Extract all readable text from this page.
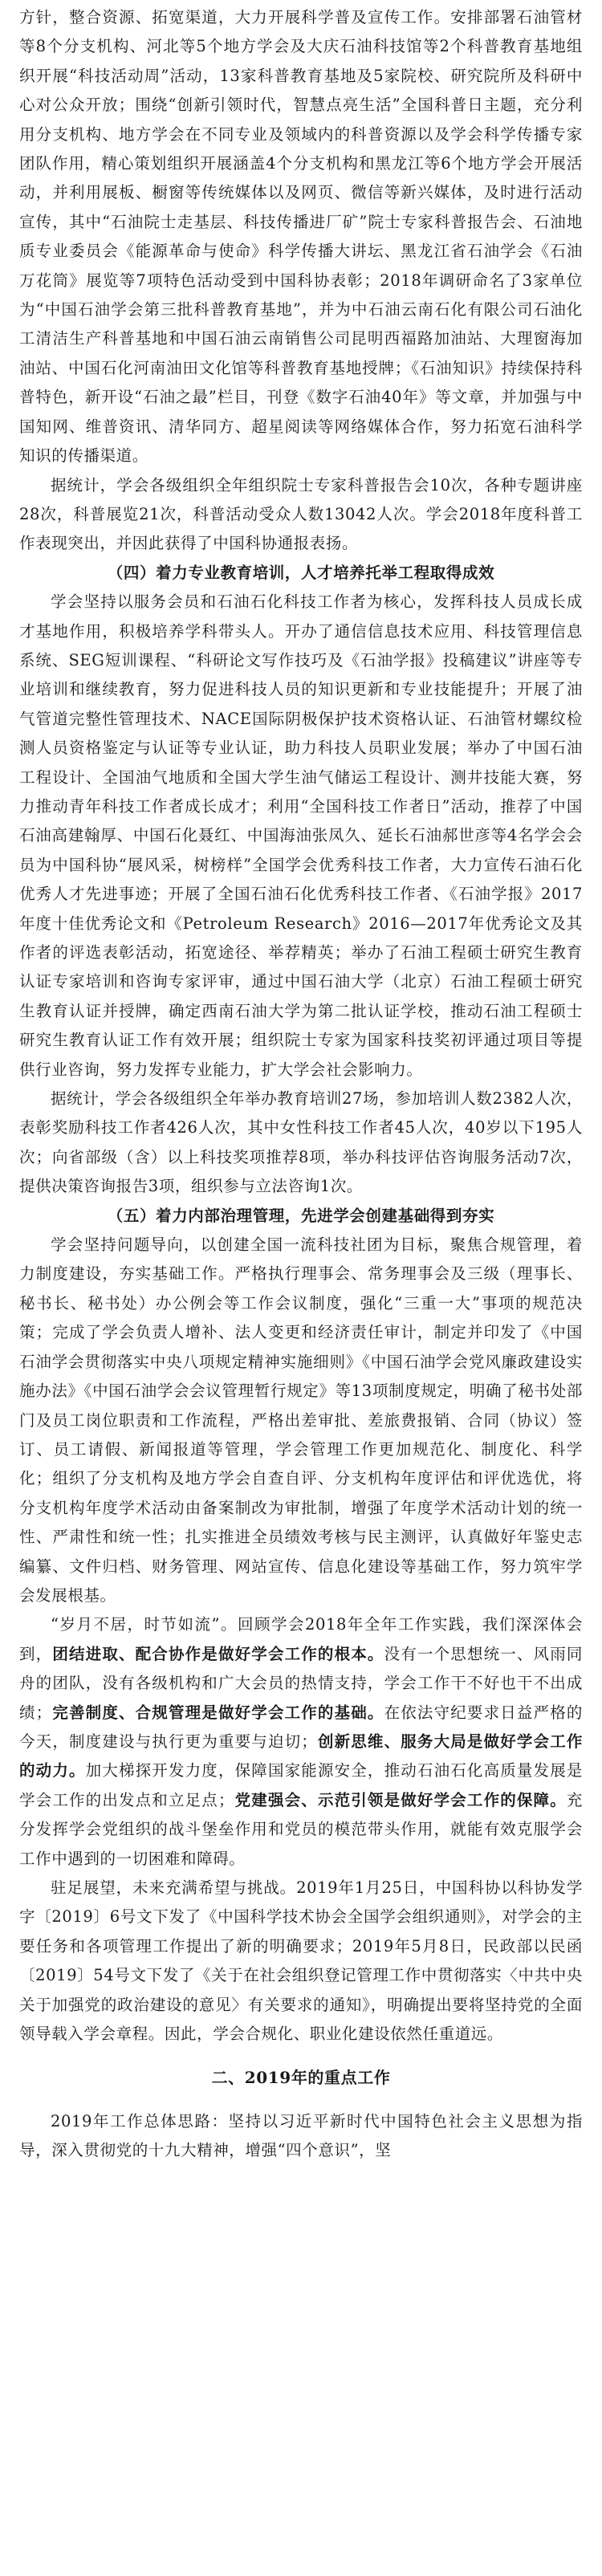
方针，整合资源、拓宽渠道，大力开展科学普及宣传工作。安排部署石油管材等8个分支机构、河北等5个地方学会及大庆石油科技馆等2个科普教育基地组织开展“科技活动周”活动，13家科普教育基地及5家院校、研究院所及科研中心对公众开放；围绕“创新引领时代，智慧点亮生活”全国科普日主题，充分利用分支机构、地方学会在不同专业及领域内的科普资源以及学会科学传播专家团队作用，精心策划组织开展涵盖4个分支机构和黑龙江等6个地方学会开展活动，并利用展板、橱窗等传统媒体以及网页、微信等新兴媒体，及时进行活动宣传，其中“石油院士走基层、科技传播进厂矿”院士专家科普报告会、石油地质专业委员会《能源革命与使命》科学传播大讲坛、黑龙江省石油学会《石油万花筒》展览等7项特色活动受到中国科协表彰；2018年调研命名了3家单位为“中国石油学会第三批科普教育基地”，并为中石油云南石化有限公司石油化工清洁生产科普基地和中国石油云南销售公司昆明西福路加油站、大理窗海加油站、中国石化河南油田文化馆等科普教育基地授牌；《石油知识》持续保持科普特色，新开设“石油之最”栏目，刊登《数字石油40年》等文章，并加强与中国知网、维普资讯、清华同方、超星阅读等网络媒体合作，努力拓宽石油科学知识的传播渠道。

据统计，学会各级组织全年组织院士专家科普报告会10次，各种专题讲座28次，科普展览21次，科普活动受众人数13042人次。学会2018年度科普工作表现突出，并因此获得了中国科协通报表扬。

（四）着力专业教育培训，人才培养托举工程取得成效

学会坚持以服务会员和石油石化科技工作者为核心，发挥科技人员成长成才基地作用，积极培养学科带头人。开办了通信信息技术应用、科技管理信息系统、SEG短训课程、“科研论文写作技巧及《石油学报》投稿建议”讲座等专业培训和继续教育，努力促进科技人员的知识更新和专业技能提升；开展了油气管道完整性管理技术、NACE国际阴极保护技术资格认证、石油管材螺纹检测人员资格鉴定与认证等专业认证，助力科技人员职业发展；举办了中国石油工程设计、全国油气地质和全国大学生油气储运工程设计、测井技能大赛，努力推动青年科技工作者成长成才；利用“全国科技工作者日”活动，推荐了中国石油高建翰厚、中国石化聂红、中国海油张凤久、延长石油郝世彦等4名学会会员为中国科协“展风采，树榜样”全国学会优秀科技工作者，大力宣传石油石化优秀人才先进事迹；开展了全国石油石化优秀科技工作者、《石油学报》2017年度十佳优秀论文和《Petroleum Research》2016—2017年优秀论文及其作者的评选表彰活动，拓宽途径、举荐精英；举办了石油工程硕士研究生教育认证专家培训和咨询专家评审，通过中国石油大学（北京）石油工程硕士研究生教育认证并授牌，确定西南石油大学为第二批认证学校，推动石油工程硕士研究生教育认证工作有效开展；组织院士专家为国家科技奖初评通过项目等提供行业咨询，努力发挥专业能力，扩大学会社会影响力。

据统计，学会各级组织全年举办教育培训27场，参加培训人数2382人次，表彰奖励科技工作者426人次，其中女性科技工作者45人次，40岁以下195人次；向省部级（含）以上科技奖项推荐8项，举办科技评估咨询服务活动7次，提供决策咨询报告3项，组织参与立法咨询1次。

（五）着力内部治理管理，先进学会创建基础得到夯实

学会坚持问题导向，以创建全国一流科技社团为目标，聚焦合规管理，着力制度建设，夯实基础工作。严格执行理事会、常务理事会及三级（理事长、秘书长、秘书处）办公例会等工作会议制度，强化“三重一大”事项的规范决策；完成了学会负责人增补、法人变更和经济责任审计，制定并印发了《中国石油学会贯彻落实中央八项规定精神实施细则》《中国石油学会党风廉政建设实施办法》《中国石油学会会议管理暂行规定》等13项制度规定，明确了秘书处部门及员工岗位职责和工作流程，严格出差审批、差旅费报销、合同（协议）签订、员工请假、新闻报道等管理，学会管理工作更加规范化、制度化、科学化；组织了分支机构及地方学会自查自评、分支机构年度评估和评优选优，将分支机构年度学术活动由备案制改为审批制，增强了年度学术活动计划的统一性、严肃性和统一性；扎实推进全员绩效考核与民主测评，认真做好年鉴史志编纂、文件归档、财务管理、网站宣传、信息化建设等基础工作，努力筑牢学会发展根基。

“岁月不居，时节如流”。回顾学会2018年全年工作实践，我们深深体会到，团结进取、配合协作是做好学会工作的根本。没有一个思想统一、风雨同舟的团队，没有各级机构和广大会员的热情支持，学会工作干不好也干不出成绩；完善制度、合规管理是做好学会工作的基础。在依法守纪要求日益严格的今天，制度建设与执行更为重要与迫切；创新思维、服务大局是做好学会工作的动力。加大梯探开发力度，保障国家能源安全，推动石油石化高质量发展是学会工作的出发点和立足点；党建强会、示范引领是做好学会工作的保障。充分发挥学会党组织的战斗堡垒作用和党员的模范带头作用，就能有效克服学会工作中遇到的一切困难和障碍。

驻足展望，未来充满希望与挑战。2019年1月25日，中国科协以科协发学字〔2019〕6号文下发了《中国科学技术协会全国学会组织通则》，对学会的主要任务和各项管理工作提出了新的明确要求；2019年5月8日，民政部以民函〔2019〕54号文下发了《关于在社会组织登记管理工作中贯彻落实〈中共中央关于加强党的政治建设的意见〉有关要求的通知》，明确提出要将坚持党的全面领导载入学会章程。因此，学会合规化、职业化建设依然任重道远。

二、2019年的重点工作

2019年工作总体思路：坚持以习近平新时代中国特色社会主义思想为指导，深入贯彻党的十九大精神，增强“四个意识”，坚
